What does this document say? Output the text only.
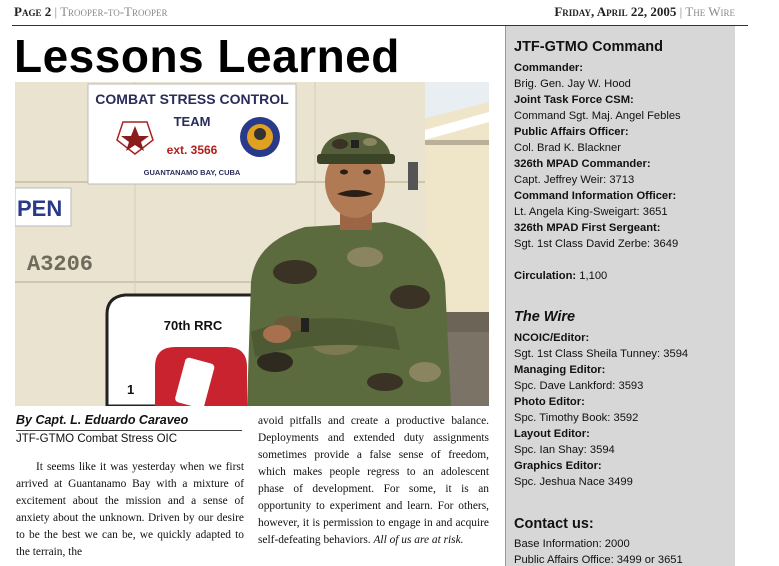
Page 2 | Trooper-to-Trooper	Friday, April 22, 2005 | The Wire
Lessons Learned
COMBAT STRESS CONTROL
TEAM
ext. 3566
GUANTANAMO BAY, CUBA
PEN
A3206
70th RRC
1
By Capt. L. Eduardo Caraveo
JTF-GTMO Combat Stress OIC

It seems like it was yesterday when we first arrived at Guantanamo Bay with a mixture of excitement about the mission and a sense of anxiety about the unknown. Driven by our desire to be the best we can be, we quickly adapted to the terrain, the

avoid pitfalls and create a productive balance. Deployments and extended duty assignments sometimes provide a false sense of freedom, which makes people regress to an adolescent phase of development. For some, it is an opportunity to experiment and learn. For others, however, it is permission to engage in and acquire self-defeating behaviors. All of us are at risk.

JTF-GTMO Command
Commander:
Brig. Gen. Jay W. Hood
Joint Task Force CSM:
Command Sgt. Maj. Angel Febles
Public Affairs Officer:
Col. Brad K. Blackner
326th MPAD Commander:
Capt. Jeffrey Weir: 3713
Command Information Officer:
Lt. Angela King-Sweigart: 3651
326th MPAD First Sergeant:
Sgt. 1st Class David Zerbe: 3649
Circulation: 1,100
The Wire
NCOIC/Editor:
Sgt. 1st Class Sheila Tunney: 3594
Managing Editor:
Spc. Dave Lankford: 3593
Photo Editor:
Spc. Timothy Book: 3592
Layout Editor:
Spc. Ian Shay: 3594
Graphics Editor:
Spc. Jeshua Nace 3499
Contact us:
Base Information: 2000
Public Affairs Office: 3499 or 3651
